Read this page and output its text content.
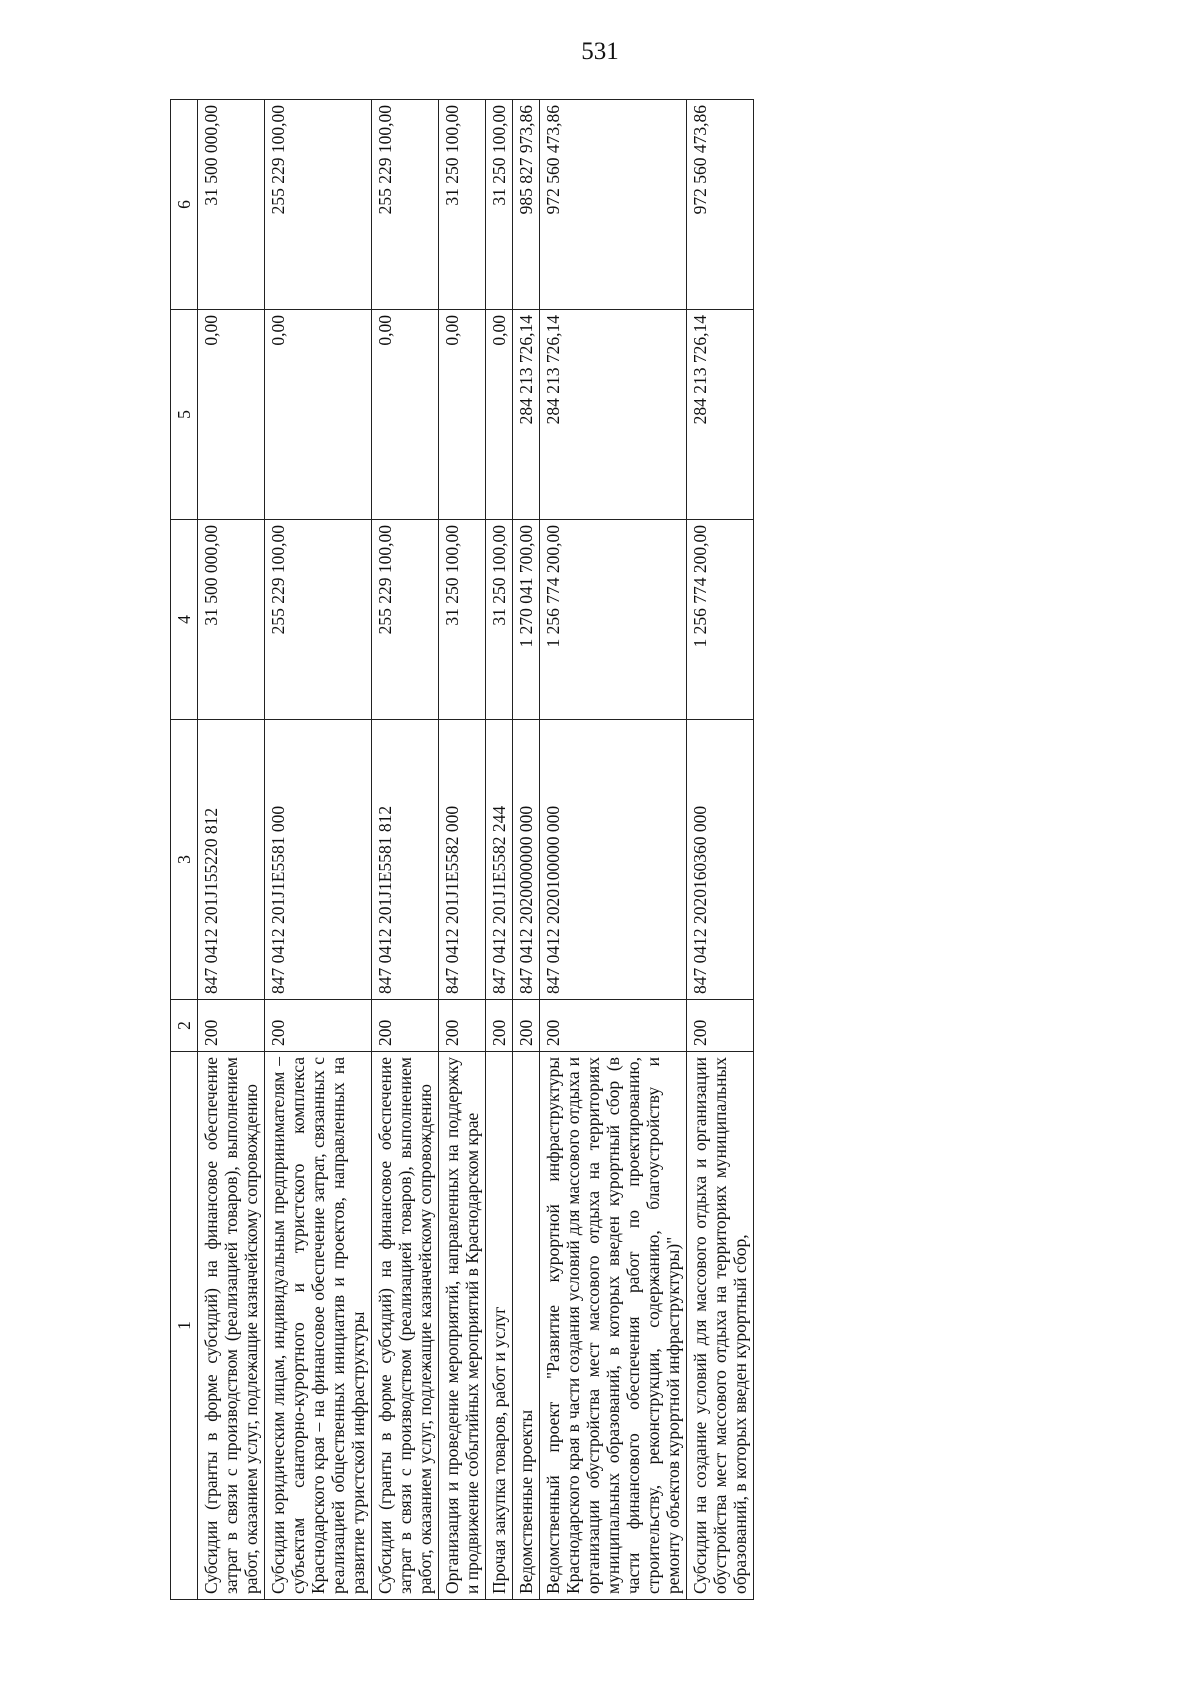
531
1	2	3	4	5	6
Субсидии (гранты в форме субсидий) на финансовое обеспечение затрат в связи с производством (реализацией товаров), выполнением работ, оказанием услуг, подлежащие казначейскому сопровождению	200	847 0412 201J155220 812	31 500 000,00	0,00	31 500 000,00
Субсидии юридическим лицам, индивидуальным предпринимателям – субъектам санаторно-курортного и туристского комплекса Краснодарского края – на финансовое обеспечение затрат, связанных с реализацией общественных инициатив и проектов, направленных на развитие туристской инфраструктуры	200	847 0412 201J1E5581 000	255 229 100,00	0,00	255 229 100,00
Субсидии (гранты в форме субсидий) на финансовое обеспечение затрат в связи с производством (реализацией товаров), выполнением работ, оказанием услуг, подлежащие казначейскому сопровождению	200	847 0412 201J1E5581 812	255 229 100,00	0,00	255 229 100,00
Организация и проведение мероприятий, направленных на поддержку и продвижение событийных мероприятий в Краснодарском крае	200	847 0412 201J1E5582 000	31 250 100,00	0,00	31 250 100,00
Прочая закупка товаров, работ и услуг	200	847 0412 201J1E5582 244	31 250 100,00	0,00	31 250 100,00
Ведомственные проекты	200	847 0412 2020000000 000	1 270 041 700,00	284 213 726,14	985 827 973,86
Ведомственный проект "Развитие курортной инфраструктуры Краснодарского края в части создания условий для массового отдыха и организации обустройства мест массового отдыха на территориях муниципальных образований, в которых введен курортный сбор (в части финансового обеспечения работ по проектированию, строительству, реконструкции, содержанию, благоустройству и ремонту объектов курортной инфраструктуры)"	200	847 0412 2020100000 000	1 256 774 200,00	284 213 726,14	972 560 473,86
Субсидии на создание условий для массового отдыха и организации обустройства мест массового отдыха на территориях муниципальных образований, в которых введен курортный сбор,	200	847 0412 2020160360 000	1 256 774 200,00	284 213 726,14	972 560 473,86
